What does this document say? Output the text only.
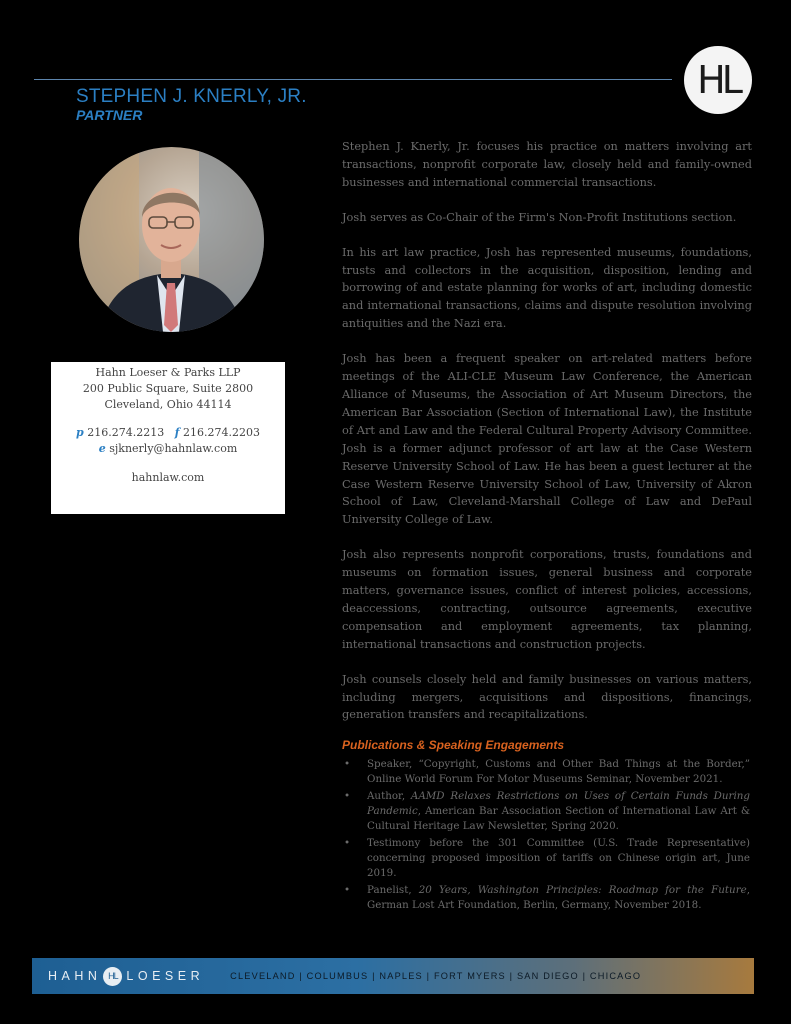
HL
STEPHEN J. KNERLY, JR.
PARTNER
Hahn Loeser & Parks LLP
200 Public Square, Suite 2800
Cleveland, Ohio 44114
p 216.274.2213 f 216.274.2203
e sjknerly@hahnlaw.com
hahnlaw.com

Stephen J. Knerly, Jr. focuses his practice on matters involving art transactions, nonprofit corporate law, closely held and family-owned businesses and international commercial transactions.

Josh serves as Co-Chair of the Firm's Non-Profit Institutions section.

In his art law practice, Josh has represented museums, foundations, trusts and collectors in the acquisition, disposition, lending and borrowing of and estate planning for works of art, including domestic and international transactions, claims and dispute resolution involving antiquities and the Nazi era.

Josh has been a frequent speaker on art-related matters before meetings of the ALI-CLE Museum Law Conference, the American Alliance of Museums, the Association of Art Museum Directors, the American Bar Association (Section of International Law), the Institute of Art and Law and the Federal Cultural Property Advisory Committee. Josh is a former adjunct professor of art law at the Case Western Reserve University School of Law. He has been a guest lecturer at the Case Western Reserve University School of Law, University of Akron School of Law, Cleveland-Marshall College of Law and DePaul University College of Law.

Josh also represents nonprofit corporations, trusts, foundations and museums on formation issues, general business and corporate matters, governance issues, conflict of interest policies, accessions, deaccessions, contracting, outsource agreements, executive compensation and employment agreements, tax planning, international transactions and construction projects.

Josh counsels closely held and family businesses on various matters, including mergers, acquisitions and dispositions, financings, generation transfers and recapitalizations.

Publications & Speaking Engagements
• Speaker, “Copyright, Customs and Other Bad Things at the Border,” Online World Forum For Motor Museums Seminar, November 2021.
• Author, AAMD Relaxes Restrictions on Uses of Certain Funds During Pandemic, American Bar Association Section of International Law Art & Cultural Heritage Law Newsletter, Spring 2020.
• Testimony before the 301 Committee (U.S. Trade Representative) concerning proposed imposition of tariffs on Chinese origin art, June 2019.
• Panelist, 20 Years, Washington Principles: Roadmap for the Future, German Lost Art Foundation, Berlin, Germany, November 2018.
HAHN HL LOESER	CLEVELAND | COLUMBUS | NAPLES | FORT MYERS | SAN DIEGO | CHICAGO
